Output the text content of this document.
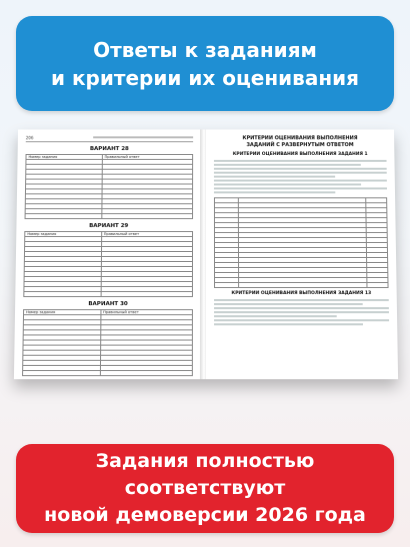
Ответы к заданиям
и критерии их оценивания
206
ВАРИАНТ 28
Номер задания	Правильный ответ

ВАРИАНТ 29
Номер задания	Правильный ответ

ВАРИАНТ 30
Номер задания	Правильный ответ

КРИТЕРИИ ОЦЕНИВАНИЯ ВЫПОЛНЕНИЯ
ЗАДАНИЙ С РАЗВЕРНУТЫМ ОТВЕТОМ
КРИТЕРИИ ОЦЕНИВАНИЯ ВЫПОЛНЕНИЯ ЗАДАНИЯ 1

КРИТЕРИИ ОЦЕНИВАНИЯ ВЫПОЛНЕНИЯ ЗАДАНИЯ 13
Задания полностью соответствуют
новой демоверсии 2026 года
